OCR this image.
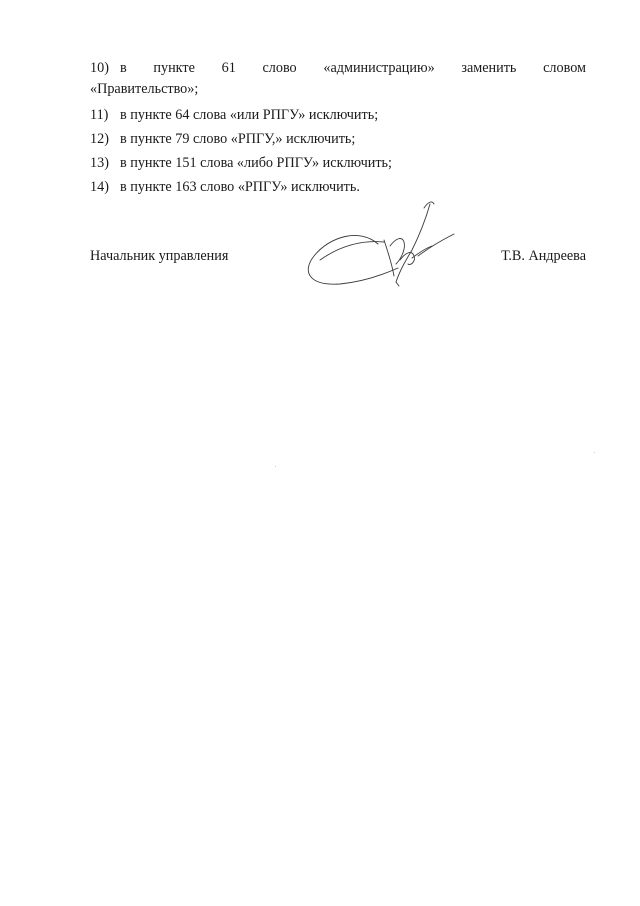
в пункте 61 слово «администрацию» заменить словом
10)
«Правительство»;
11) в пункте 64 слова «или РПГУ» исключить;
12) в пункте 79 слово «РПГУ,» исключить;
13) в пункте 151 слова «либо РПГУ» исключить;
14) в пункте 163 слово «РПГУ» исключить.
Начальник управления	Т.В. Андреева
